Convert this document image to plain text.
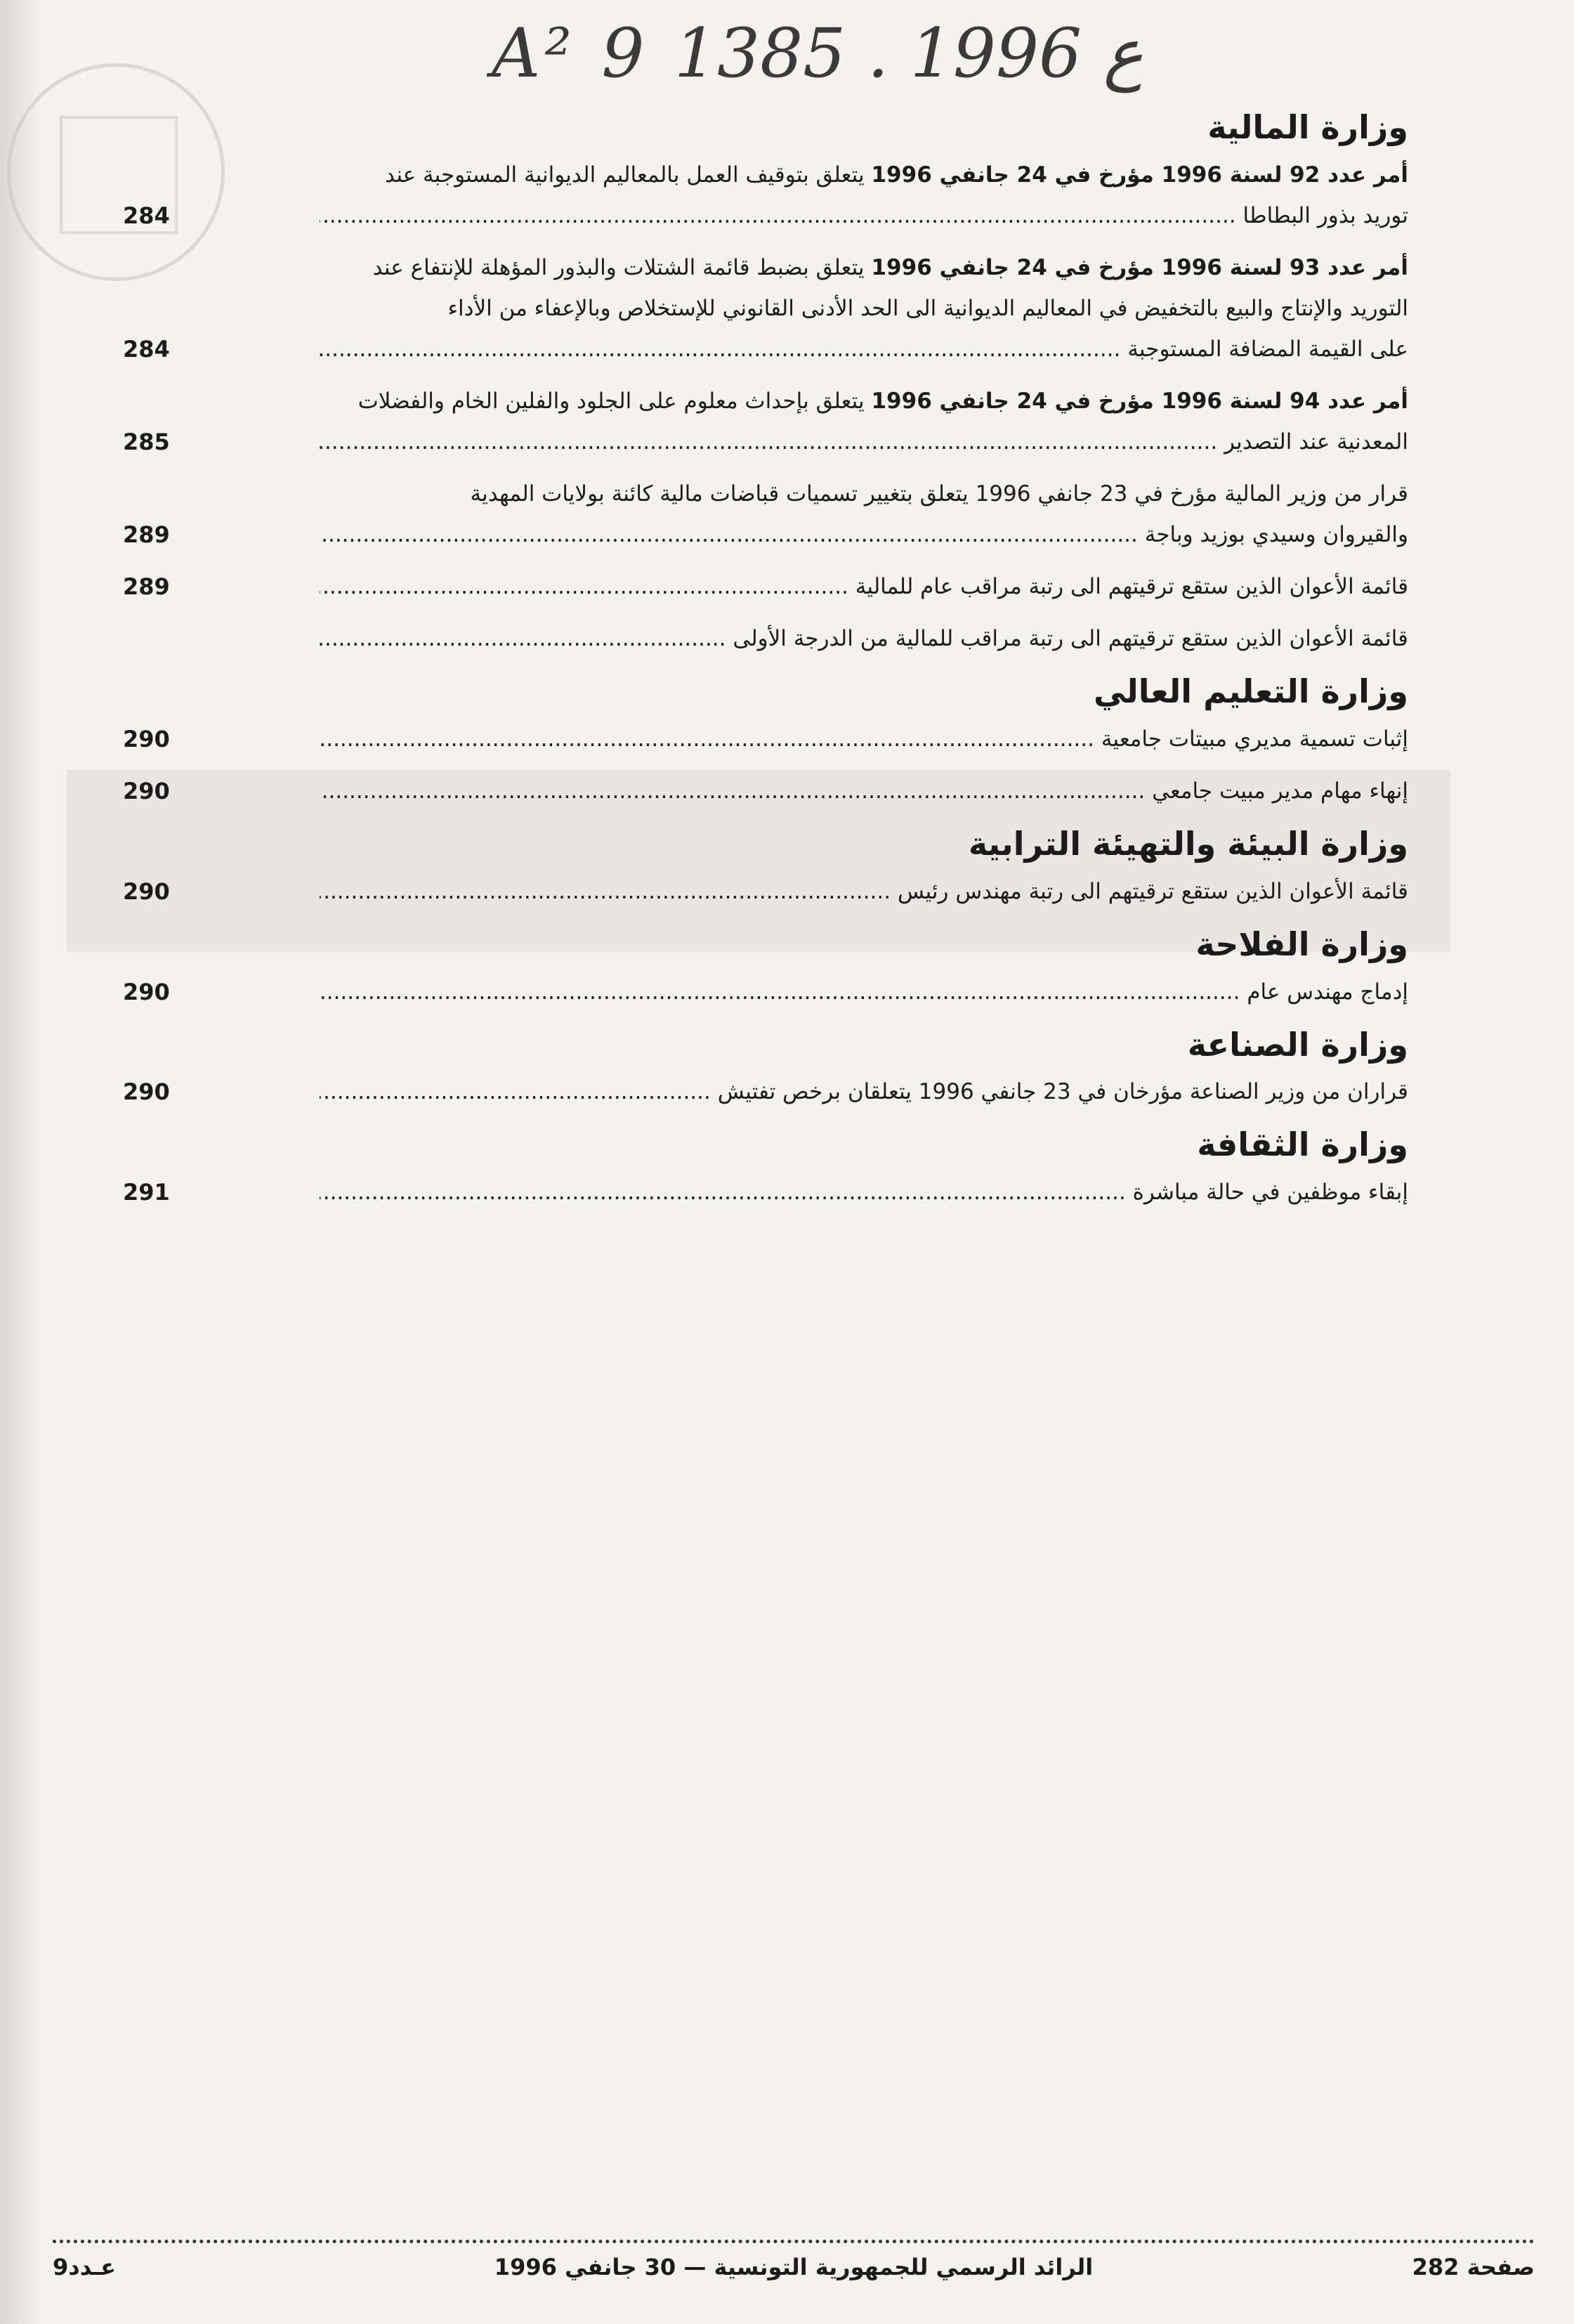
A² 9 ع 1996 . 1385
وزارة المالية
أمر عدد 92 لسنة 1996 مؤرخ في 24 جانفي 1996 يتعلق بتوقيف العمل بالمعاليم الديوانية المستوجبة عند
توريد بذور البطاطا .....
284
أمر عدد 93 لسنة 1996 مؤرخ في 24 جانفي 1996 يتعلق بضبط قائمة الشتلات والبذور المؤهلة للإنتفاع عند التوريد والإنتاج والبيع بالتخفيض في المعاليم الديوانية الى الحد الأدنى القانوني للإستخلاص وبالإعفاء من الأداء
على القيمة المضافة المستوجبة .....
284
أمر عدد 94 لسنة 1996 مؤرخ في 24 جانفي 1996 يتعلق بإحداث معلوم على الجلود والفلين الخام والفضلات
المعدنية عند التصدير .....
285
قرار من وزير المالية مؤرخ في 23 جانفي 1996 يتعلق بتغيير تسميات قباضات مالية كائنة بولايات المهدية
والقيروان وسيدي بوزيد وباجة .....
289
قائمة الأعوان الذين ستقع ترقيتهم الى رتبة مراقب عام للمالية .....
289
قائمة الأعوان الذين ستقع ترقيتهم الى رتبة مراقب للمالية من الدرجة الأولى .....
وزارة التعليم العالي
إثبات تسمية مديري مبيتات جامعية .....
290
إنهاء مهام مدير مبيت جامعي .....
290
وزارة البيئة والتهيئة الترابية
قائمة الأعوان الذين ستقع ترقيتهم الى رتبة مهندس رئيس .....
290
وزارة الفلاحة
إدماج مهندس عام .....
290
وزارة الصناعة
قراران من وزير الصناعة مؤرخان في 23 جانفي 1996 يتعلقان برخص تفتيش .....
290
وزارة الثقافة
إبقاء موظفين في حالة مباشرة .....
291
صفحة 282
الرائد الرسمي للجمهورية التونسية — 30 جانفي 1996
عـدد9
